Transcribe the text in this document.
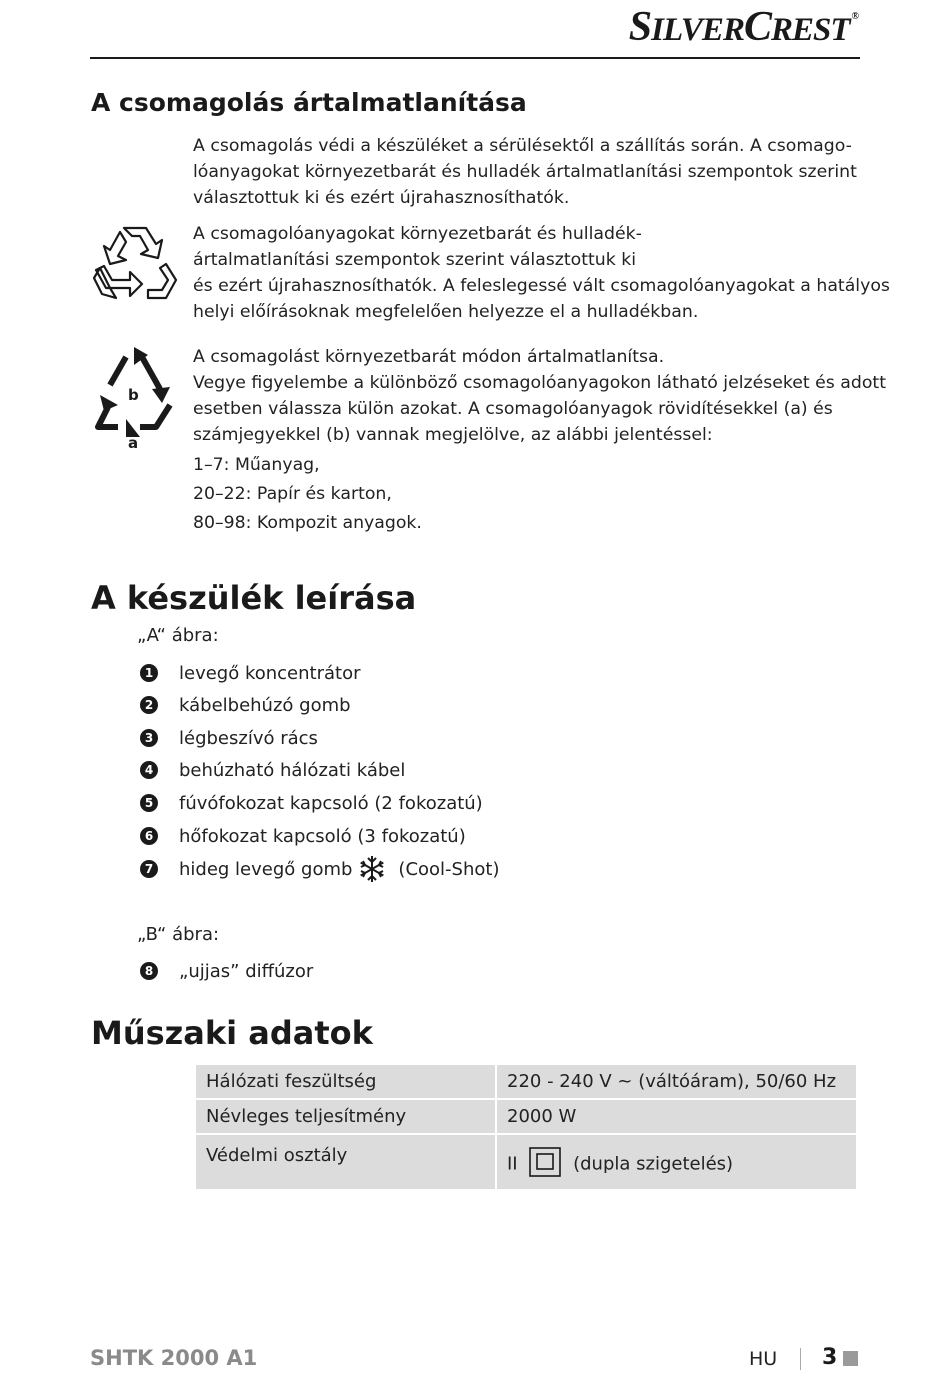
SILVERCREST ®
A csomagolás ártalmatlanítása
A csomagolás védi a készüléket a sérülésektől a szállítás során. A csomago-
lóanyagokat környezetbarát és hulladék ártalmatlanítási szempontok szerint
választottuk ki és ezért újrahasznosíthatók.
A csomagolóanyagokat környezetbarát és hulladék-
ártalmatlanítási szempontok szerint választottuk ki
és ezért újrahasznosíthatók. A feleslegessé vált csomagolóanyagokat a hatályos
helyi előírásoknak megfelelően helyezze el a hulladékban.
b
a
A csomagolást környezetbarát módon ártalmatlanítsa.
Vegye figyelembe a különböző csomagolóanyagokon látható jelzéseket és adott
esetben válassza külön azokat. A csomagolóanyagok rövidítésekkel (a) és
számjegyekkel (b) vannak megjelölve, az alábbi jelentéssel:
1–7: Műanyag,
20–22: Papír és karton,
80–98: Kompozit anyagok.
A készülék leírása
„A“ ábra:
1 levegő koncentrátor
2 kábelbehúzó gomb
3 légbeszívó rács
4 behúzható hálózati kábel
5 fúvófokozat kapcsoló (2 fokozatú)
6 hőfokozat kapcsoló (3 fokozatú)
7 hideg levegő gomb	(Cool-Shot)
„B“ ábra:
8 „ujjas” diffúzor
Műszaki adatok
Hálózati feszültség	220 - 240 V ~ (váltóáram), 50/60 Hz
Névleges teljesítmény	2000 W
Védelmi osztály	II (dupla szigetelés)
SHTK 2000 A1	HU 3
